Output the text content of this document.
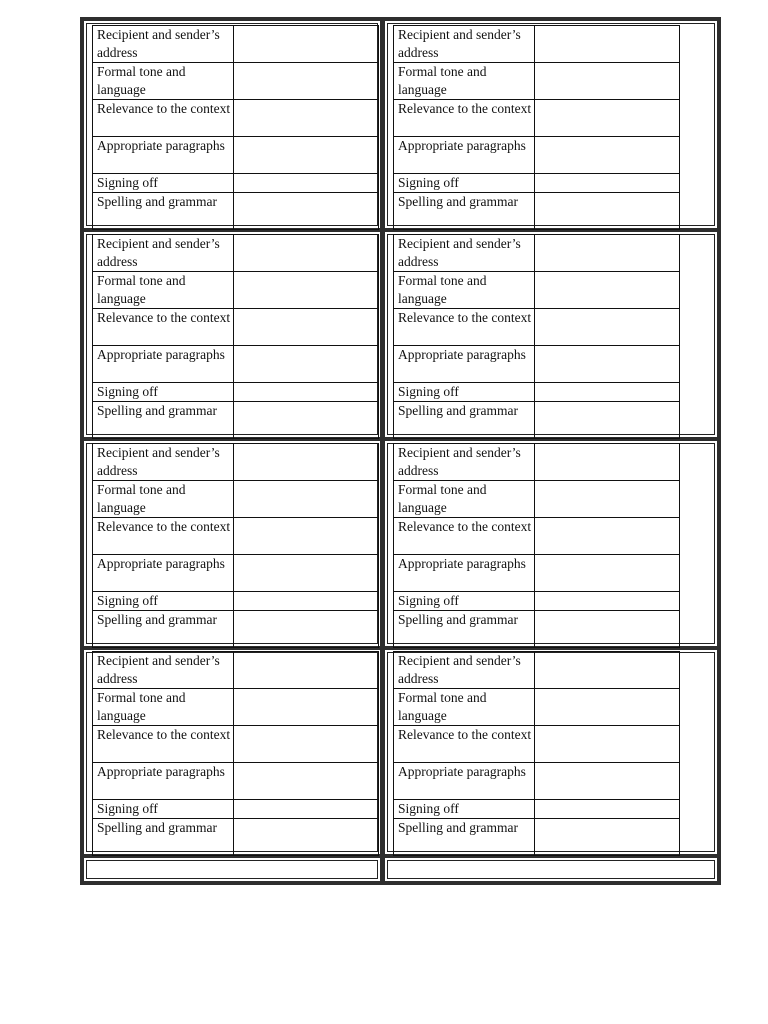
Recipient and sender’s address	
Formal tone and language	
Relevance to the context	
Appropriate paragraphs	
Signing off	
Spelling and grammar	
Recipient and sender’s address	
Formal tone and language	
Relevance to the context	
Appropriate paragraphs	
Signing off	
Spelling and grammar	
Recipient and sender’s address	
Formal tone and language	
Relevance to the context	
Appropriate paragraphs	
Signing off	
Spelling and grammar	
Recipient and sender’s address	
Formal tone and language	
Relevance to the context	
Appropriate paragraphs	
Signing off	
Spelling and grammar	
Recipient and sender’s address	
Formal tone and language	
Relevance to the context	
Appropriate paragraphs	
Signing off	
Spelling and grammar	
Recipient and sender’s address	
Formal tone and language	
Relevance to the context	
Appropriate paragraphs	
Signing off	
Spelling and grammar	
Recipient and sender’s address	
Formal tone and language	
Relevance to the context	
Appropriate paragraphs	
Signing off	
Spelling and grammar	
Recipient and sender’s address	
Formal tone and language	
Relevance to the context	
Appropriate paragraphs	
Signing off	
Spelling and grammar	
